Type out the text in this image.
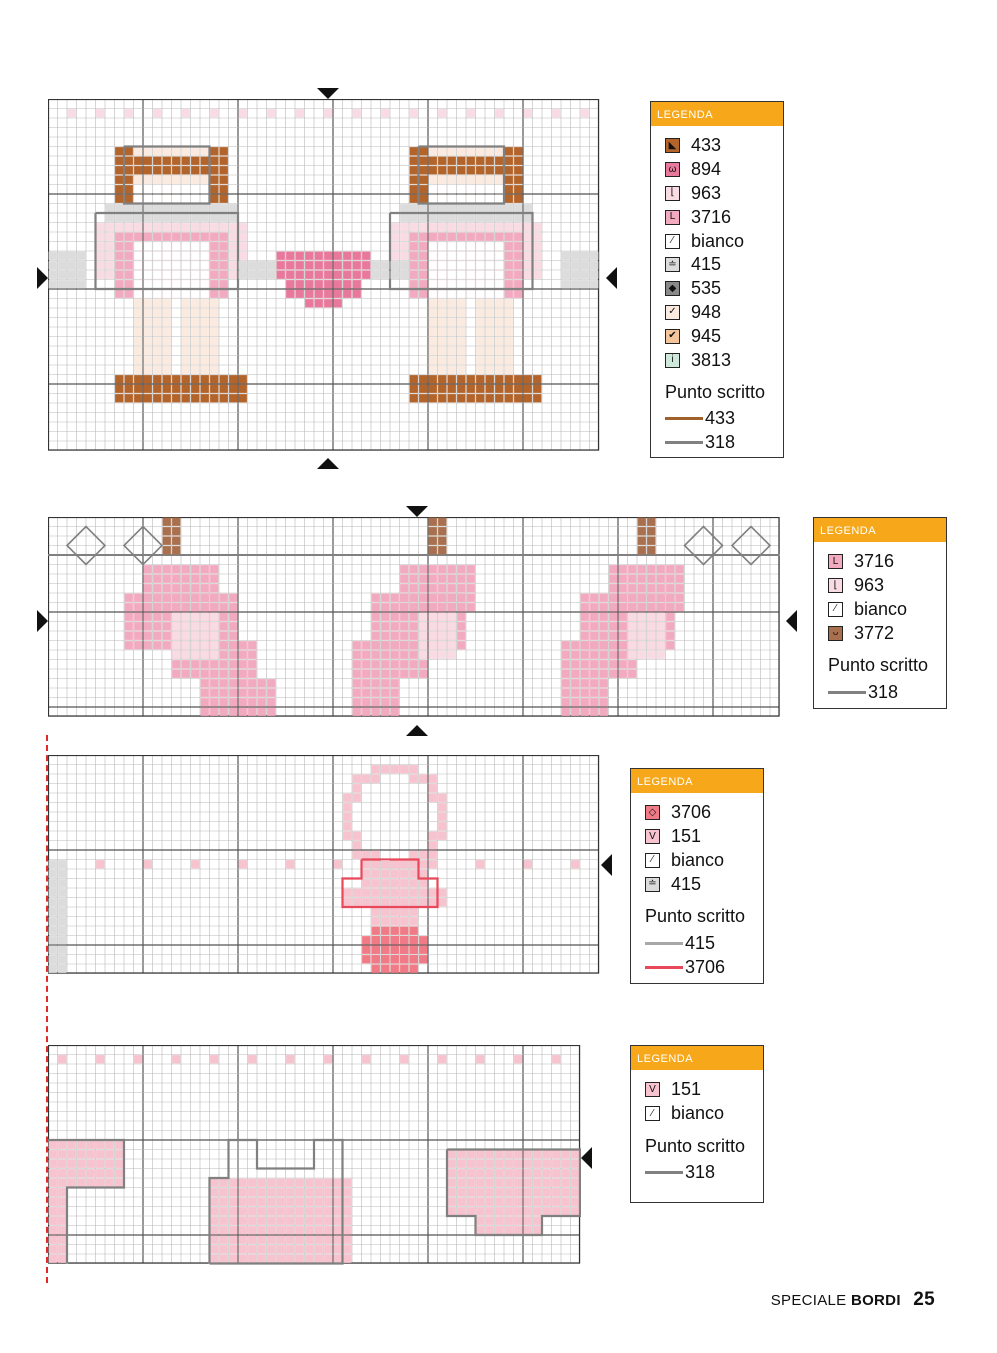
LEGENDA
◣ 433
ω 894
⌊ 963
L 3716
⁄ bianco
≐ 415
◆ 535
✓ 948
✔ 945
i 3813
Punto scritto
433
318
LEGENDA
L 3716
⌊ 963
⁄ bianco
ᴗ 3772
Punto scritto
318
LEGENDA
◇ 3706
V 151
⁄ bianco
≐ 415
Punto scritto
415
3706
LEGENDA
V 151
⁄ bianco
Punto scritto
318
SPECIALE BORDI 25
